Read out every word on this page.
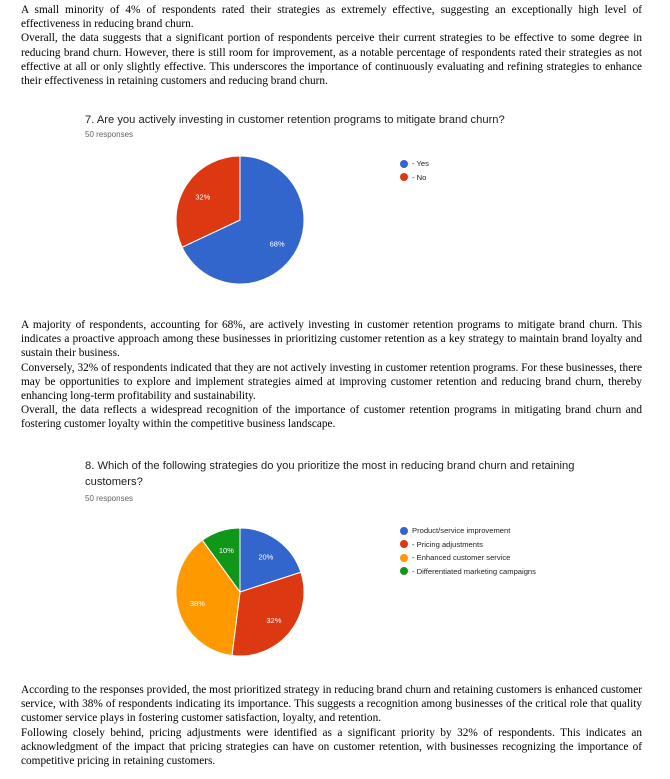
A small minority of 4% of respondents rated their strategies as extremely effective, suggesting an exceptionally high level of effectiveness in reducing brand churn.

Overall, the data suggests that a significant portion of respondents perceive their current strategies to be effective to some degree in reducing brand churn. However, there is still room for improvement, as a notable percentage of respondents rated their strategies as not effective at all or only slightly effective. This underscores the importance of continuously evaluating and refining strategies to enhance their effectiveness in retaining customers and reducing brand churn.

7. Are you actively investing in customer retention programs to mitigate brand churn?
50 responses
68%
32%
- Yes
- No

A majority of respondents, accounting for 68%, are actively investing in customer retention programs to mitigate brand churn. This indicates a proactive approach among these businesses in prioritizing customer retention as a key strategy to maintain brand loyalty and sustain their business.

Conversely, 32% of respondents indicated that they are not actively investing in customer retention programs. For these businesses, there may be opportunities to explore and implement strategies aimed at improving customer retention and reducing brand churn, thereby enhancing long-term profitability and sustainability.

Overall, the data reflects a widespread recognition of the importance of customer retention programs in mitigating brand churn and fostering customer loyalty within the competitive business landscape.

8. Which of the following strategies do you prioritize the most in reducing brand churn and retaining customers?
50 responses
20%
32%
38%
10%
Product/service improvement
- Pricing adjustments
- Enhanced customer service
- Differentiated marketing campaigns

According to the responses provided, the most prioritized strategy in reducing brand churn and retaining customers is enhanced customer service, with 38% of respondents indicating its importance. This suggests a recognition among businesses of the critical role that quality customer service plays in fostering customer satisfaction, loyalty, and retention.

Following closely behind, pricing adjustments were identified as a significant priority by 32% of respondents. This indicates an acknowledgment of the impact that pricing strategies can have on customer retention, with businesses recognizing the importance of competitive pricing in retaining customers.
